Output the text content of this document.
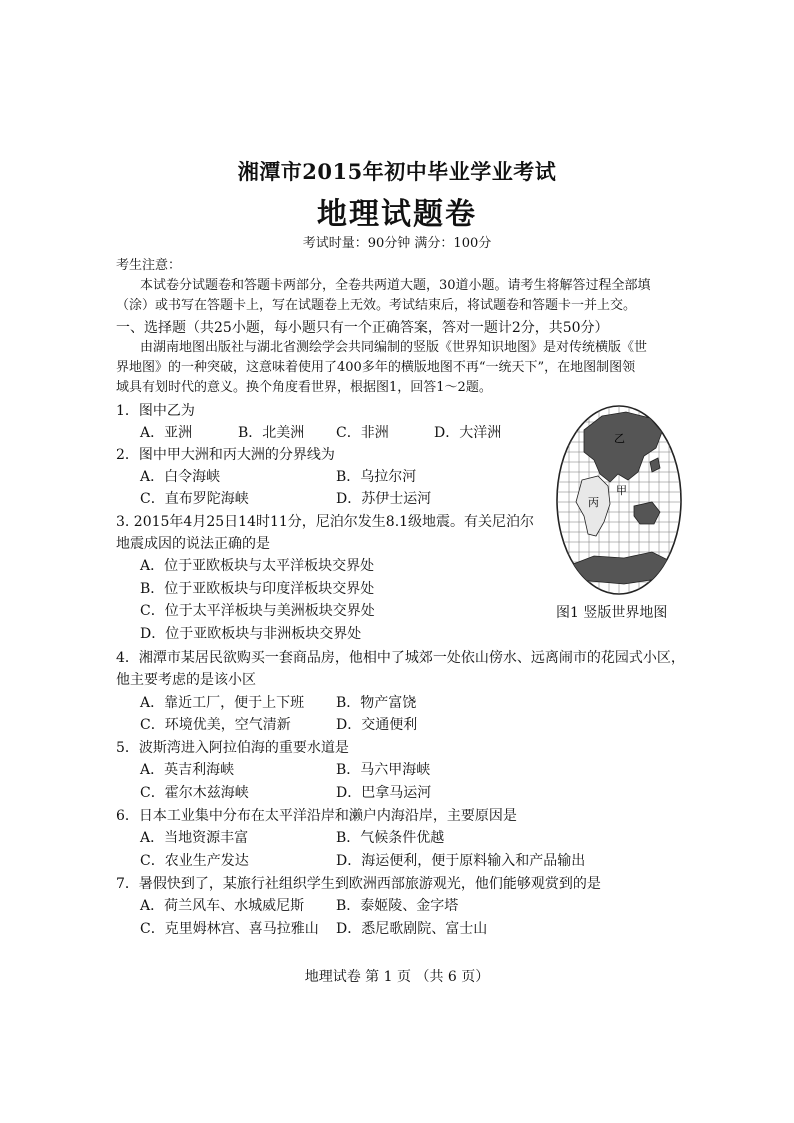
湘潭市2015年初中毕业学业考试
地理试题卷
考试时量：90分钟 满分：100分
考生注意：
本试卷分试题卷和答题卡两部分，全卷共两道大题，30道小题。请考生将解答过程全部填
（涂）或书写在答题卡上，写在试题卷上无效。考试结束后，将试题卷和答题卡一并上交。
一、选择题（共25小题，每小题只有一个正确答案，答对一题计2分，共50分）
由湖南地图出版社与湖北省测绘学会共同编制的竖版《世界知识地图》是对传统横版《世
界地图》的一种突破，这意味着使用了400多年的横版地图不再“一统天下”，在地图制图领
域具有划时代的意义。换个角度看世界，根据图1，回答1～2题。
1．图中乙为
A．亚洲	B．北美洲 C．非洲	D．大洋洲
2．图中甲大洲和丙大洲的分界线为
A．白令海峡	B．乌拉尔河
C．直布罗陀海峡	D．苏伊士运河
3. 2015年4月25日14时11分，尼泊尔发生8.1级地震。有关尼泊尔
地震成因的说法正确的是
A．位于亚欧板块与太平洋板块交界处
B．位于亚欧板块与印度洋板块交界处
C．位于太平洋板块与美洲板块交界处
D．位于亚欧板块与非洲板块交界处
乙
甲
丙
图1 竖版世界地图
4．湘潭市某居民欲购买一套商品房，他相中了城郊一处依山傍水、远离闹市的花园式小区，
他主要考虑的是该小区
A．靠近工厂，便于上下班 B．物产富饶
C．环境优美，空气清新	D．交通便利
5．波斯湾进入阿拉伯海的重要水道是
A．英吉利海峡	B．马六甲海峡
C．霍尔木兹海峡	D．巴拿马运河
6．日本工业集中分布在太平洋沿岸和濑户内海沿岸，主要原因是
A．当地资源丰富	B．气候条件优越
C．农业生产发达	D．海运便利，便于原料输入和产品输出
7．暑假快到了，某旅行社组织学生到欧洲西部旅游观光，他们能够观赏到的是
A．荷兰风车、水城威尼斯 B．泰姬陵、金字塔
C．克里姆林宫、喜马拉雅山 D．悉尼歌剧院、富士山
地理试卷 第 1 页 （共 6 页）
